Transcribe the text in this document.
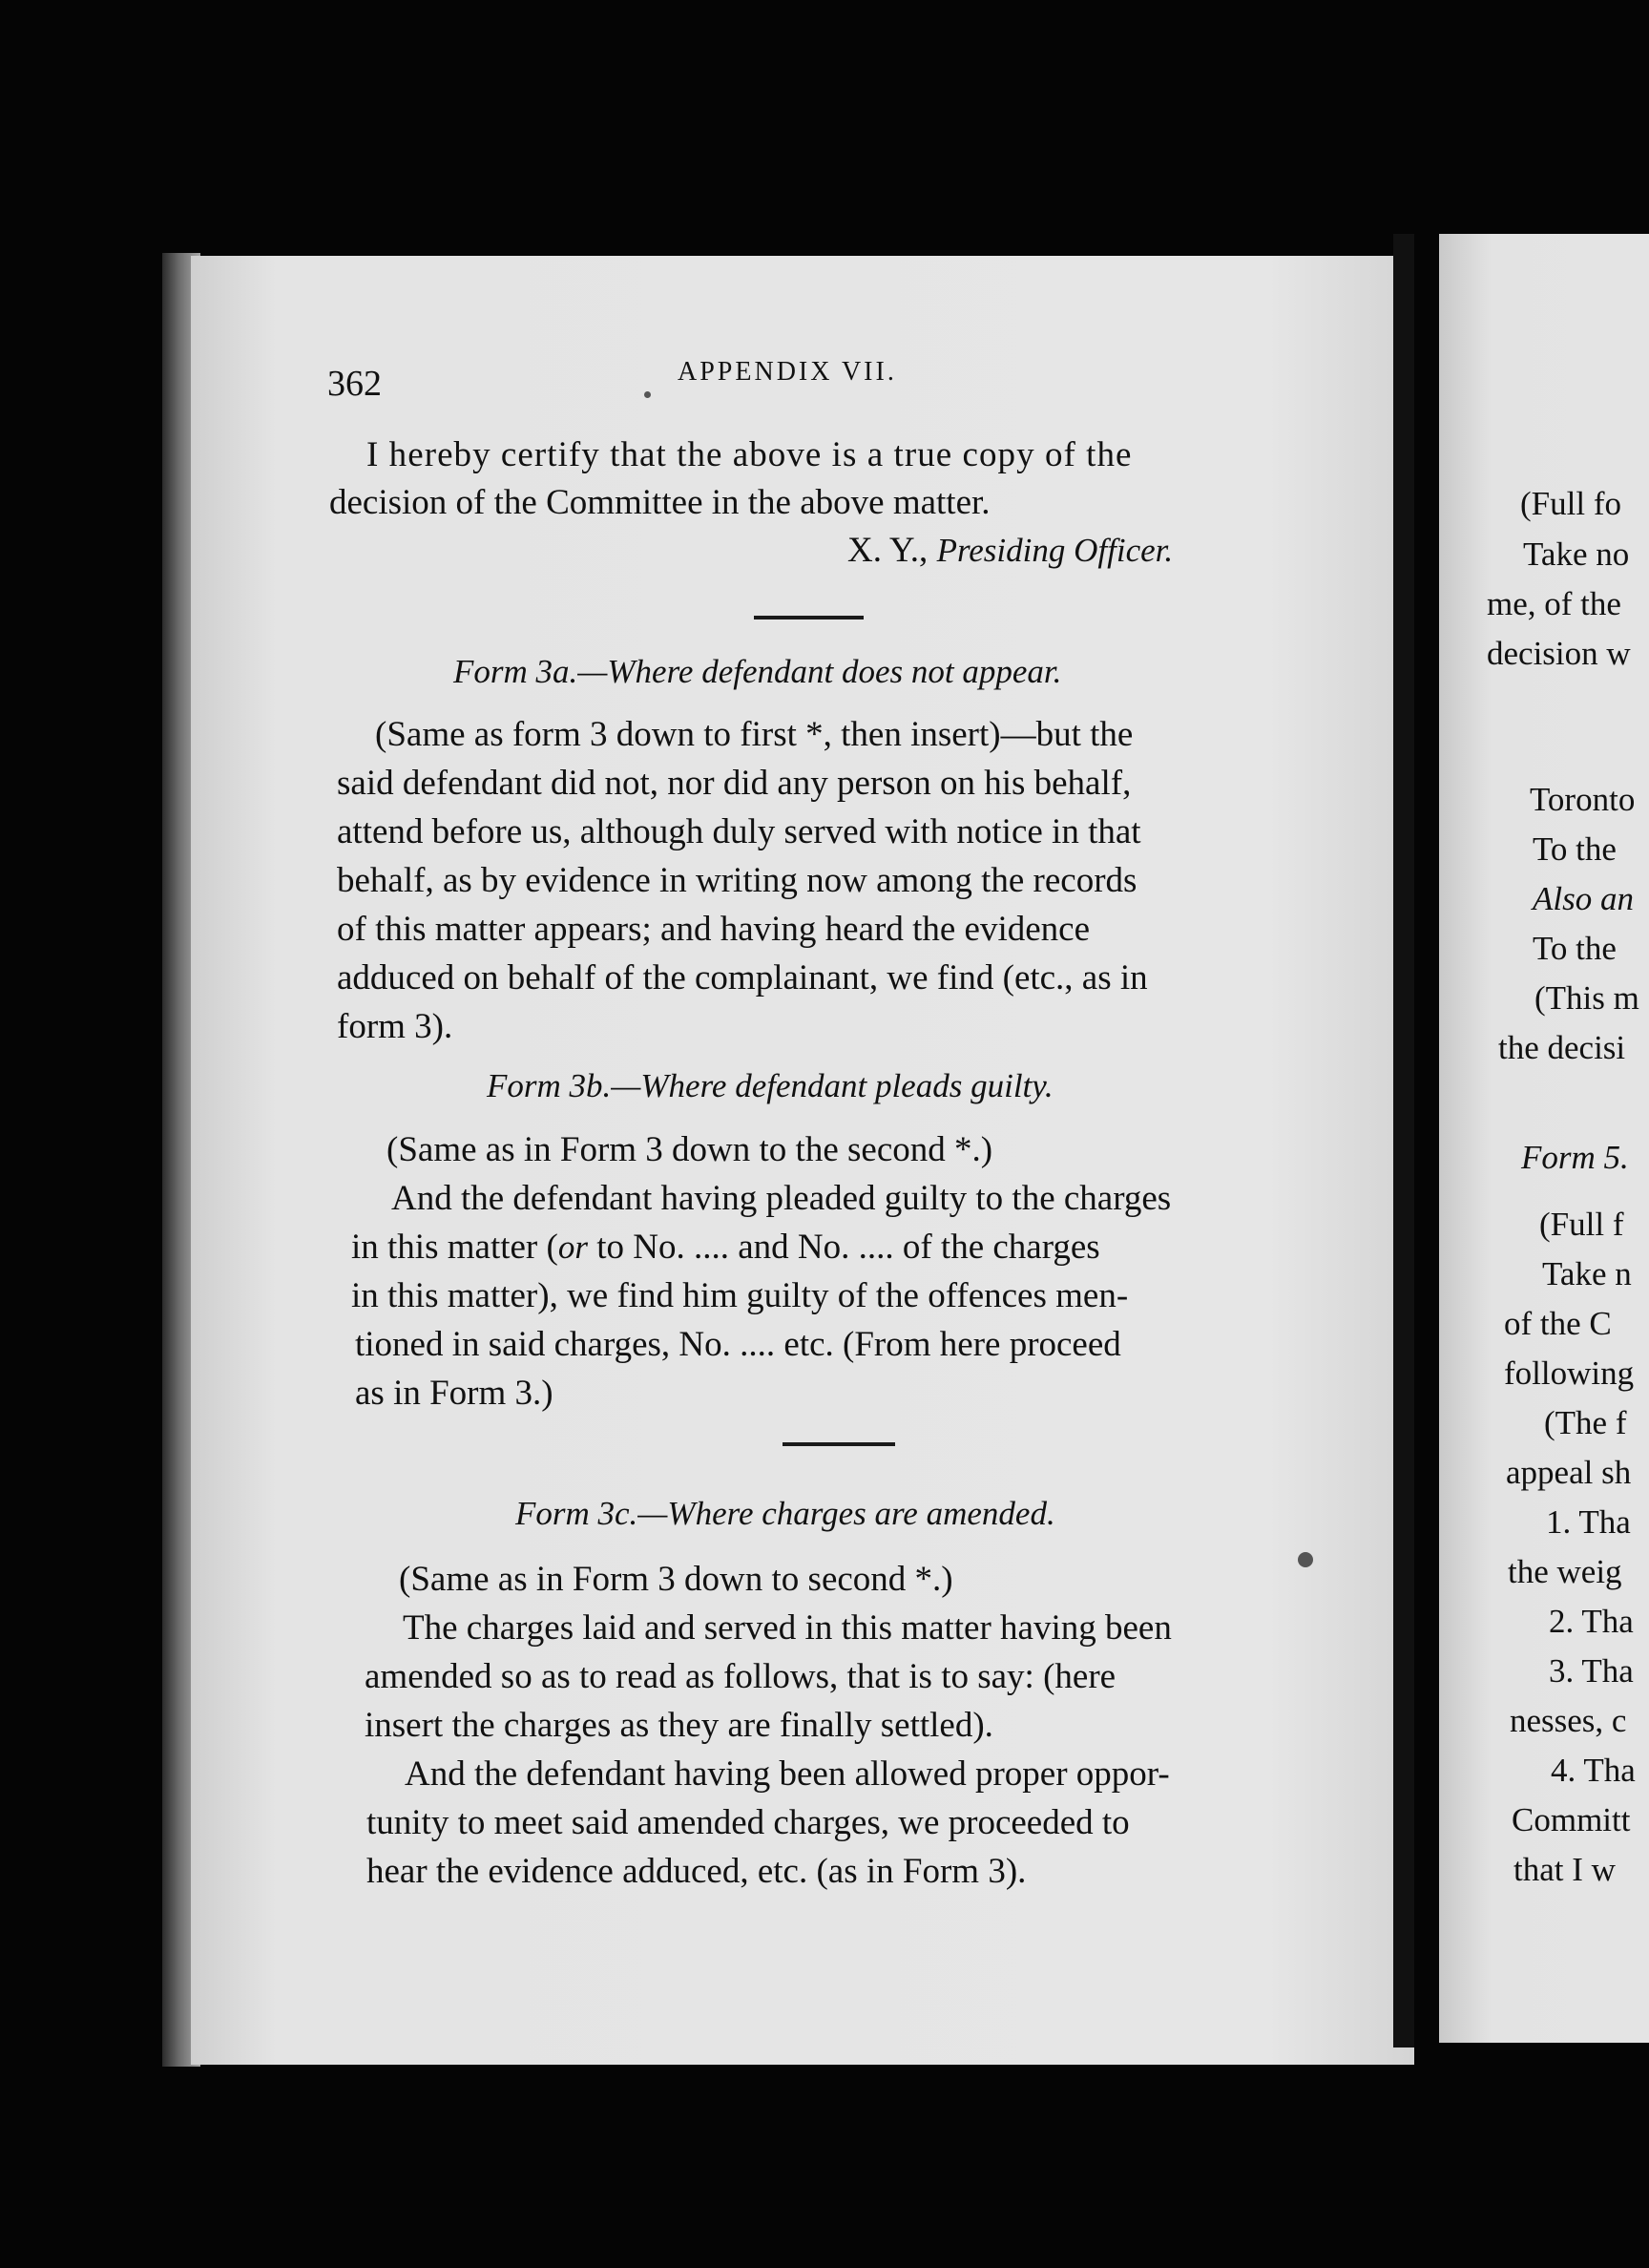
362	APPENDIX VII.
I hereby certify that the above is a true copy of the
decision of the Committee in the above matter.
X. Y., Presiding Officer.
Form 3a.—Where defendant does not appear.
(Same as form 3 down to first *, then insert)—but the
said defendant did not, nor did any person on his behalf,
attend before us, although duly served with notice in that
behalf, as by evidence in writing now among the records
of this matter appears; and having heard the evidence
adduced on behalf of the complainant, we find (etc., as in
form 3).
Form 3b.—Where defendant pleads guilty.
(Same as in Form 3 down to the second *.)
And the defendant having pleaded guilty to the charges
in this matter (or to No. .... and No. .... of the charges
in this matter), we find him guilty of the offences men-
tioned in said charges, No. .... etc. (From here proceed
as in Form 3.)
Form 3c.—Where charges are amended.
(Same as in Form 3 down to second *.)
The charges laid and served in this matter having been
amended so as to read as follows, that is to say: (here
insert the charges as they are finally settled).
And the defendant having been allowed proper oppor-
tunity to meet said amended charges, we proceeded to
hear the evidence adduced, etc. (as in Form 3).
(Full fo
Take no
me, of the
decision w
Toronto
To the
Also an
To the
(This m
the decisi
Form 5.
(Full f
Take n
of the C
following
(The f
appeal sh
1. Tha
the weig
2. Tha
3. Tha
nesses, c
4. Tha
Committ
that I w
